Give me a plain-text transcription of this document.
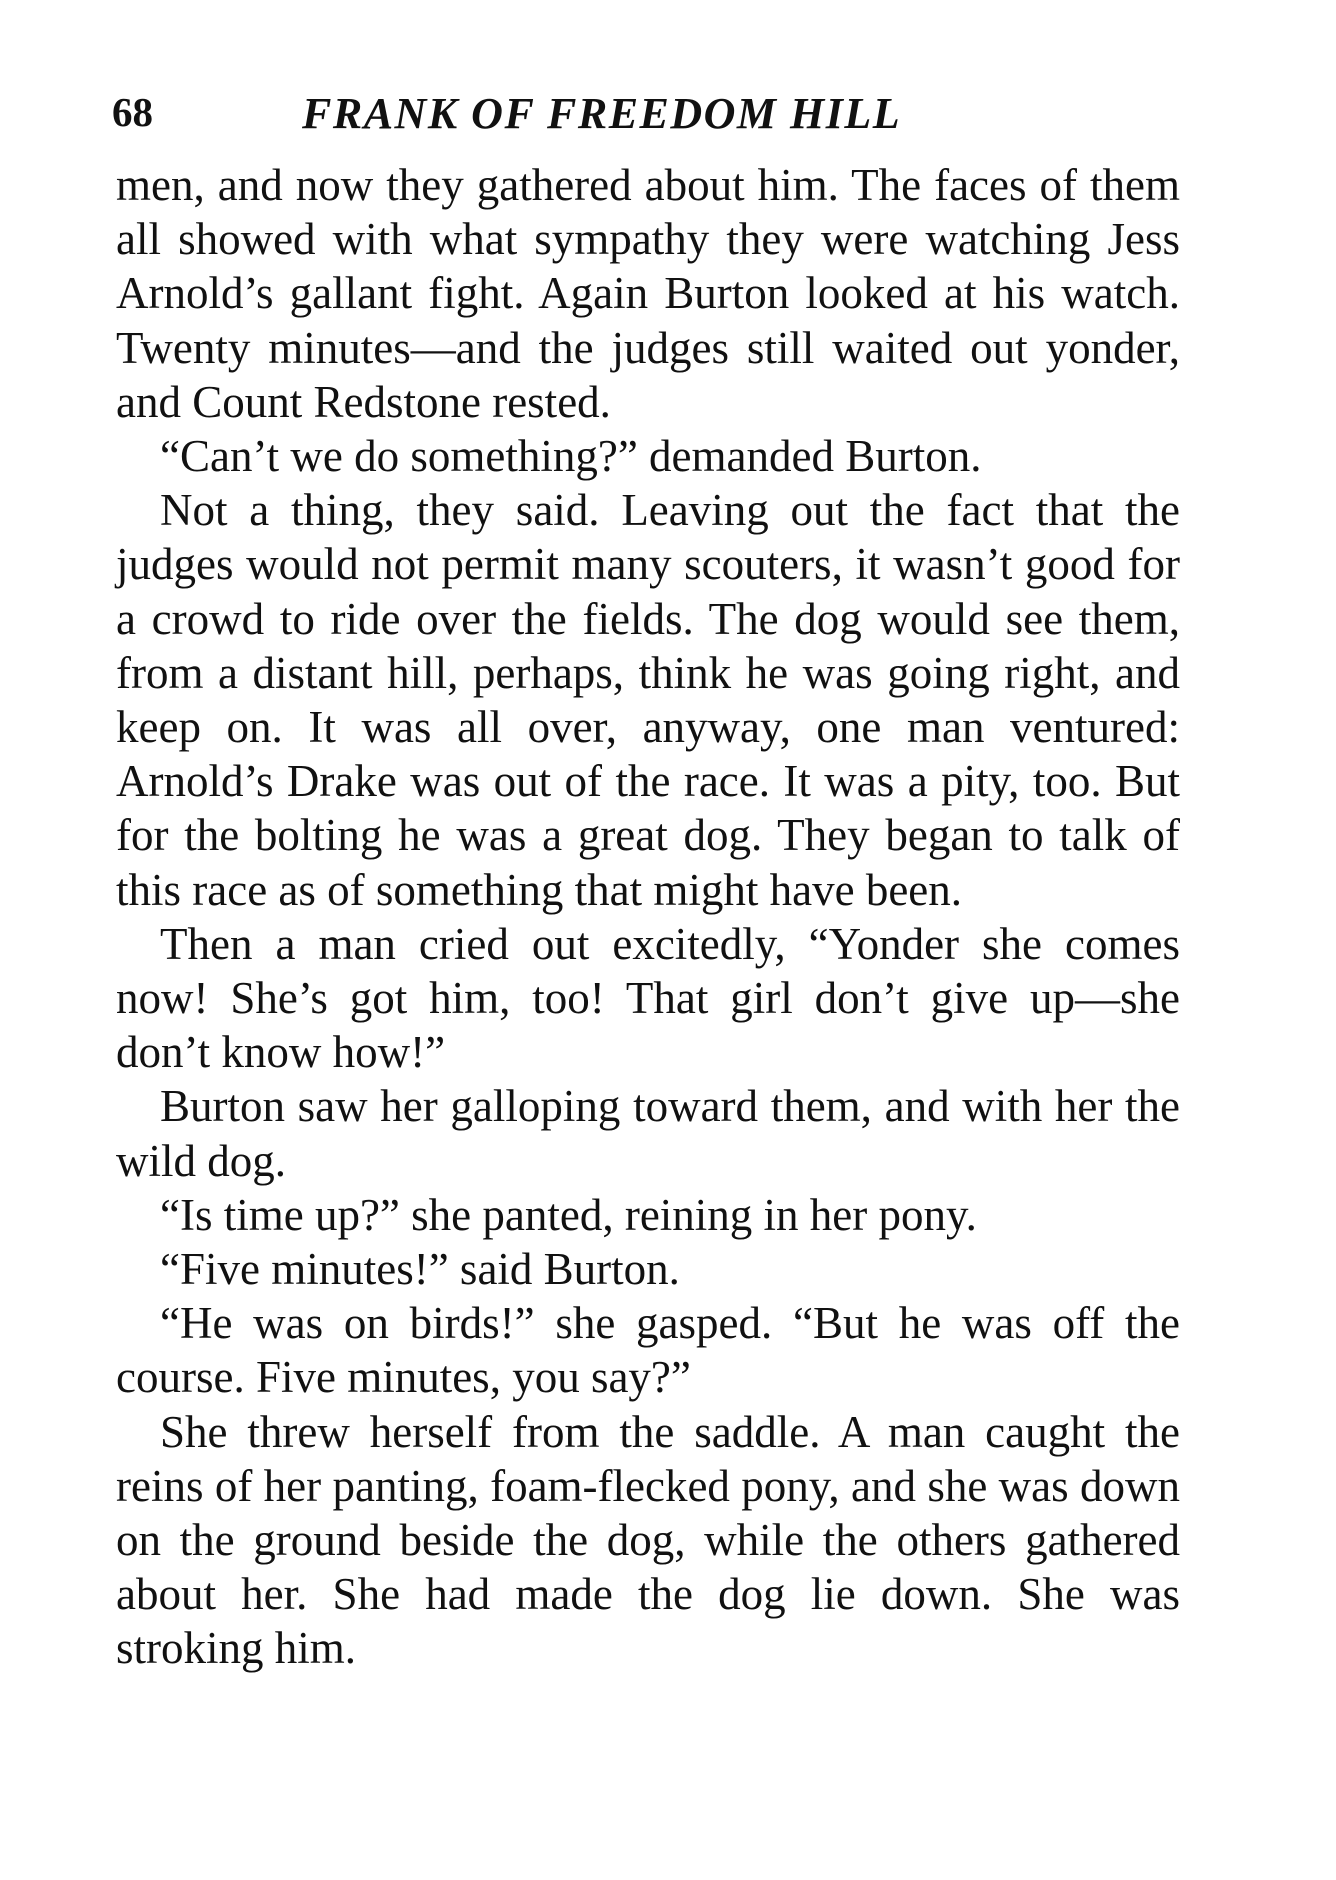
68	FRANK OF FREEDOM HILL

men, and now they gathered about him. The faces of them all showed with what sympathy they were watching Jess Arnold’s gallant fight. Again Burton looked at his watch. Twenty minutes—and the judges still waited out yonder, and Count Redstone rested.

“Can’t we do something?” demanded Burton.

Not a thing, they said. Leaving out the fact that the judges would not permit many scouters, it wasn’t good for a crowd to ride over the fields. The dog would see them, from a distant hill, perhaps, think he was going right, and keep on. It was all over, anyway, one man ventured: Arnold’s Drake was out of the race. It was a pity, too. But for the bolting he was a great dog. They began to talk of this race as of something that might have been.

Then a man cried out excitedly, “Yonder she comes now! She’s got him, too! That girl don’t give up—she don’t know how!”

Burton saw her galloping toward them, and with her the wild dog.

“Is time up?” she panted, reining in her pony.

“Five minutes!” said Burton.

“He was on birds!” she gasped. “But he was off the course. Five minutes, you say?”

She threw herself from the saddle. A man caught the reins of her panting, foam-flecked pony, and she was down on the ground beside the dog, while the others gathered about her. She had made the dog lie down. She was stroking him.
